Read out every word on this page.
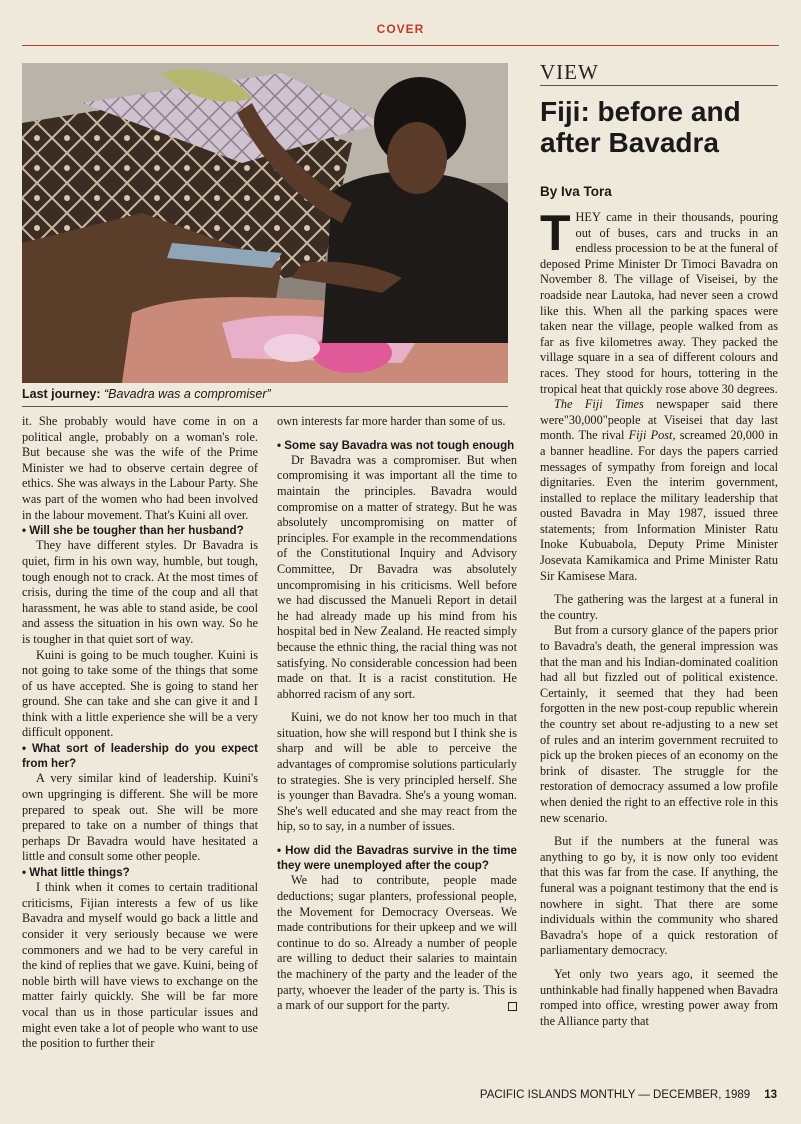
COVER
Last journey: “Bavadra was a compromiser”

it. She probably would have come in on a political angle, probably on a woman's role. But because she was the wife of the Prime Minister we had to observe certain degree of ethics. She was always in the Labour Party. She was part of the women who had been involved in the labour movement. That's Kuini all over.

• Will she be tougher than her husband?

They have different styles. Dr Bavadra is quiet, firm in his own way, humble, but tough, tough enough not to crack. At the most times of crisis, during the time of the coup and all that harassment, he was able to stand aside, be cool and assess the situation in his own way. So he is tougher in that quiet sort of way.

Kuini is going to be much tougher. Kuini is not going to take some of the things that some of us have accepted. She is going to stand her ground. She can take and she can give it and I think with a little experience she will be a very difficult opponent.

• What sort of leadership do you expect from her?

A very similar kind of leadership. Kuini's own upgringing is different. She will be more prepared to speak out. She will be more prepared to take on a number of things that perhaps Dr Bavadra would have hesitated a little and consult some other people.

• What little things?

I think when it comes to certain traditional criticisms, Fijian interests a few of us like Bavadra and myself would go back a little and consider it very seriously because we were commoners and we had to be very careful in the kind of replies that we gave. Kuini, being of noble birth will have views to exchange on the matter fairly quickly. She will be far more vocal than us in those particular issues and might even take a lot of people who want to use the position to further their

own interests far more harder than some of us.

• Some say Bavadra was not tough enough

Dr Bavadra was a compromiser. But when compromising it was important all the time to maintain the principles. Bavadra would compromise on a matter of strategy. But he was absolutely uncompromising on matter of principles. For example in the recommendations of the Constitutional Inquiry and Advisory Committee, Dr Bavadra was absolutely uncompromising in his criticisms. Well before we had discussed the Manueli Report in detail he had already made up his mind from his hospital bed in New Zealand. He reacted simply because the ethnic thing, the racial thing was not satisfying. No considerable concession had been made on that. It is a racist constitution. He abhorred racism of any sort.

Kuini, we do not know her too much in that situation, how she will respond but I think she is sharp and will be able to perceive the advantages of compromise solutions particularly to strategies. She is very principled herself. She is younger than Bavadra. She's a young woman. She's well educated and she may react from the hip, so to say, in a number of issues.

• How did the Bavadras survive in the time they were unemployed after the coup?

We had to contribute, people made deductions; sugar planters, professional people, the Movement for Democracy Overseas. We made contributions for their upkeep and we will continue to do so. Already a number of people are willing to deduct their salaries to maintain the machinery of the party and the leader of the party, whoever the leader of the party is. This is a mark of our support for the party.

VIEW
Fiji: before and after Bavadra
By Iva Tora

THEY came in their thousands, pouring out of buses, cars and trucks in an endless procession to be at the funeral of deposed Prime Minister Dr Timoci Bavadra on November 8. The village of Viseisei, by the roadside near Lautoka, had never seen a crowd like this. When all the parking spaces were taken near the village, people walked from as far as five kilometres away. They packed the village square in a sea of different colours and races. They stood for hours, tottering in the tropical heat that quickly rose above 30 degrees.

The Fiji Times newspaper said there were"30,000"people at Viseisei that day last month. The rival Fiji Post, screamed 20,000 in a banner headline. For days the papers carried messages of sympathy from foreign and local dignitaries. Even the interim government, installed to replace the military leadership that ousted Bavadra in May 1987, issued three statements; from Information Minister Ratu Inoke Kubuabola, Deputy Prime Minister Josevata Kamikamica and Prime Minister Ratu Sir Kamisese Mara.

The gathering was the largest at a funeral in the country.

But from a cursory glance of the papers prior to Bavadra's death, the general impression was that the man and his Indian-dominated coalition had all but fizzled out of political existence. Certainly, it seemed that they had been forgotten in the new post-coup republic wherein the country set about re-adjusting to a new set of rules and an interim government recruited to pick up the broken pieces of an economy on the brink of disaster. The struggle for the restoration of democracy assumed a low profile when denied the right to an effective role in this new scenario.

But if the numbers at the funeral was anything to go by, it is now only too evident that this was far from the case. If anything, the funeral was a poignant testimony that the end is nowhere in sight. That there are some individuals within the community who shared Bavadra's hope of a quick restoration of parliamentary democracy.

Yet only two years ago, it seemed the unthinkable had finally happened when Bavadra romped into office, wresting power away from the Alliance party that

PACIFIC ISLANDS MONTHLY — DECEMBER, 1989 13
